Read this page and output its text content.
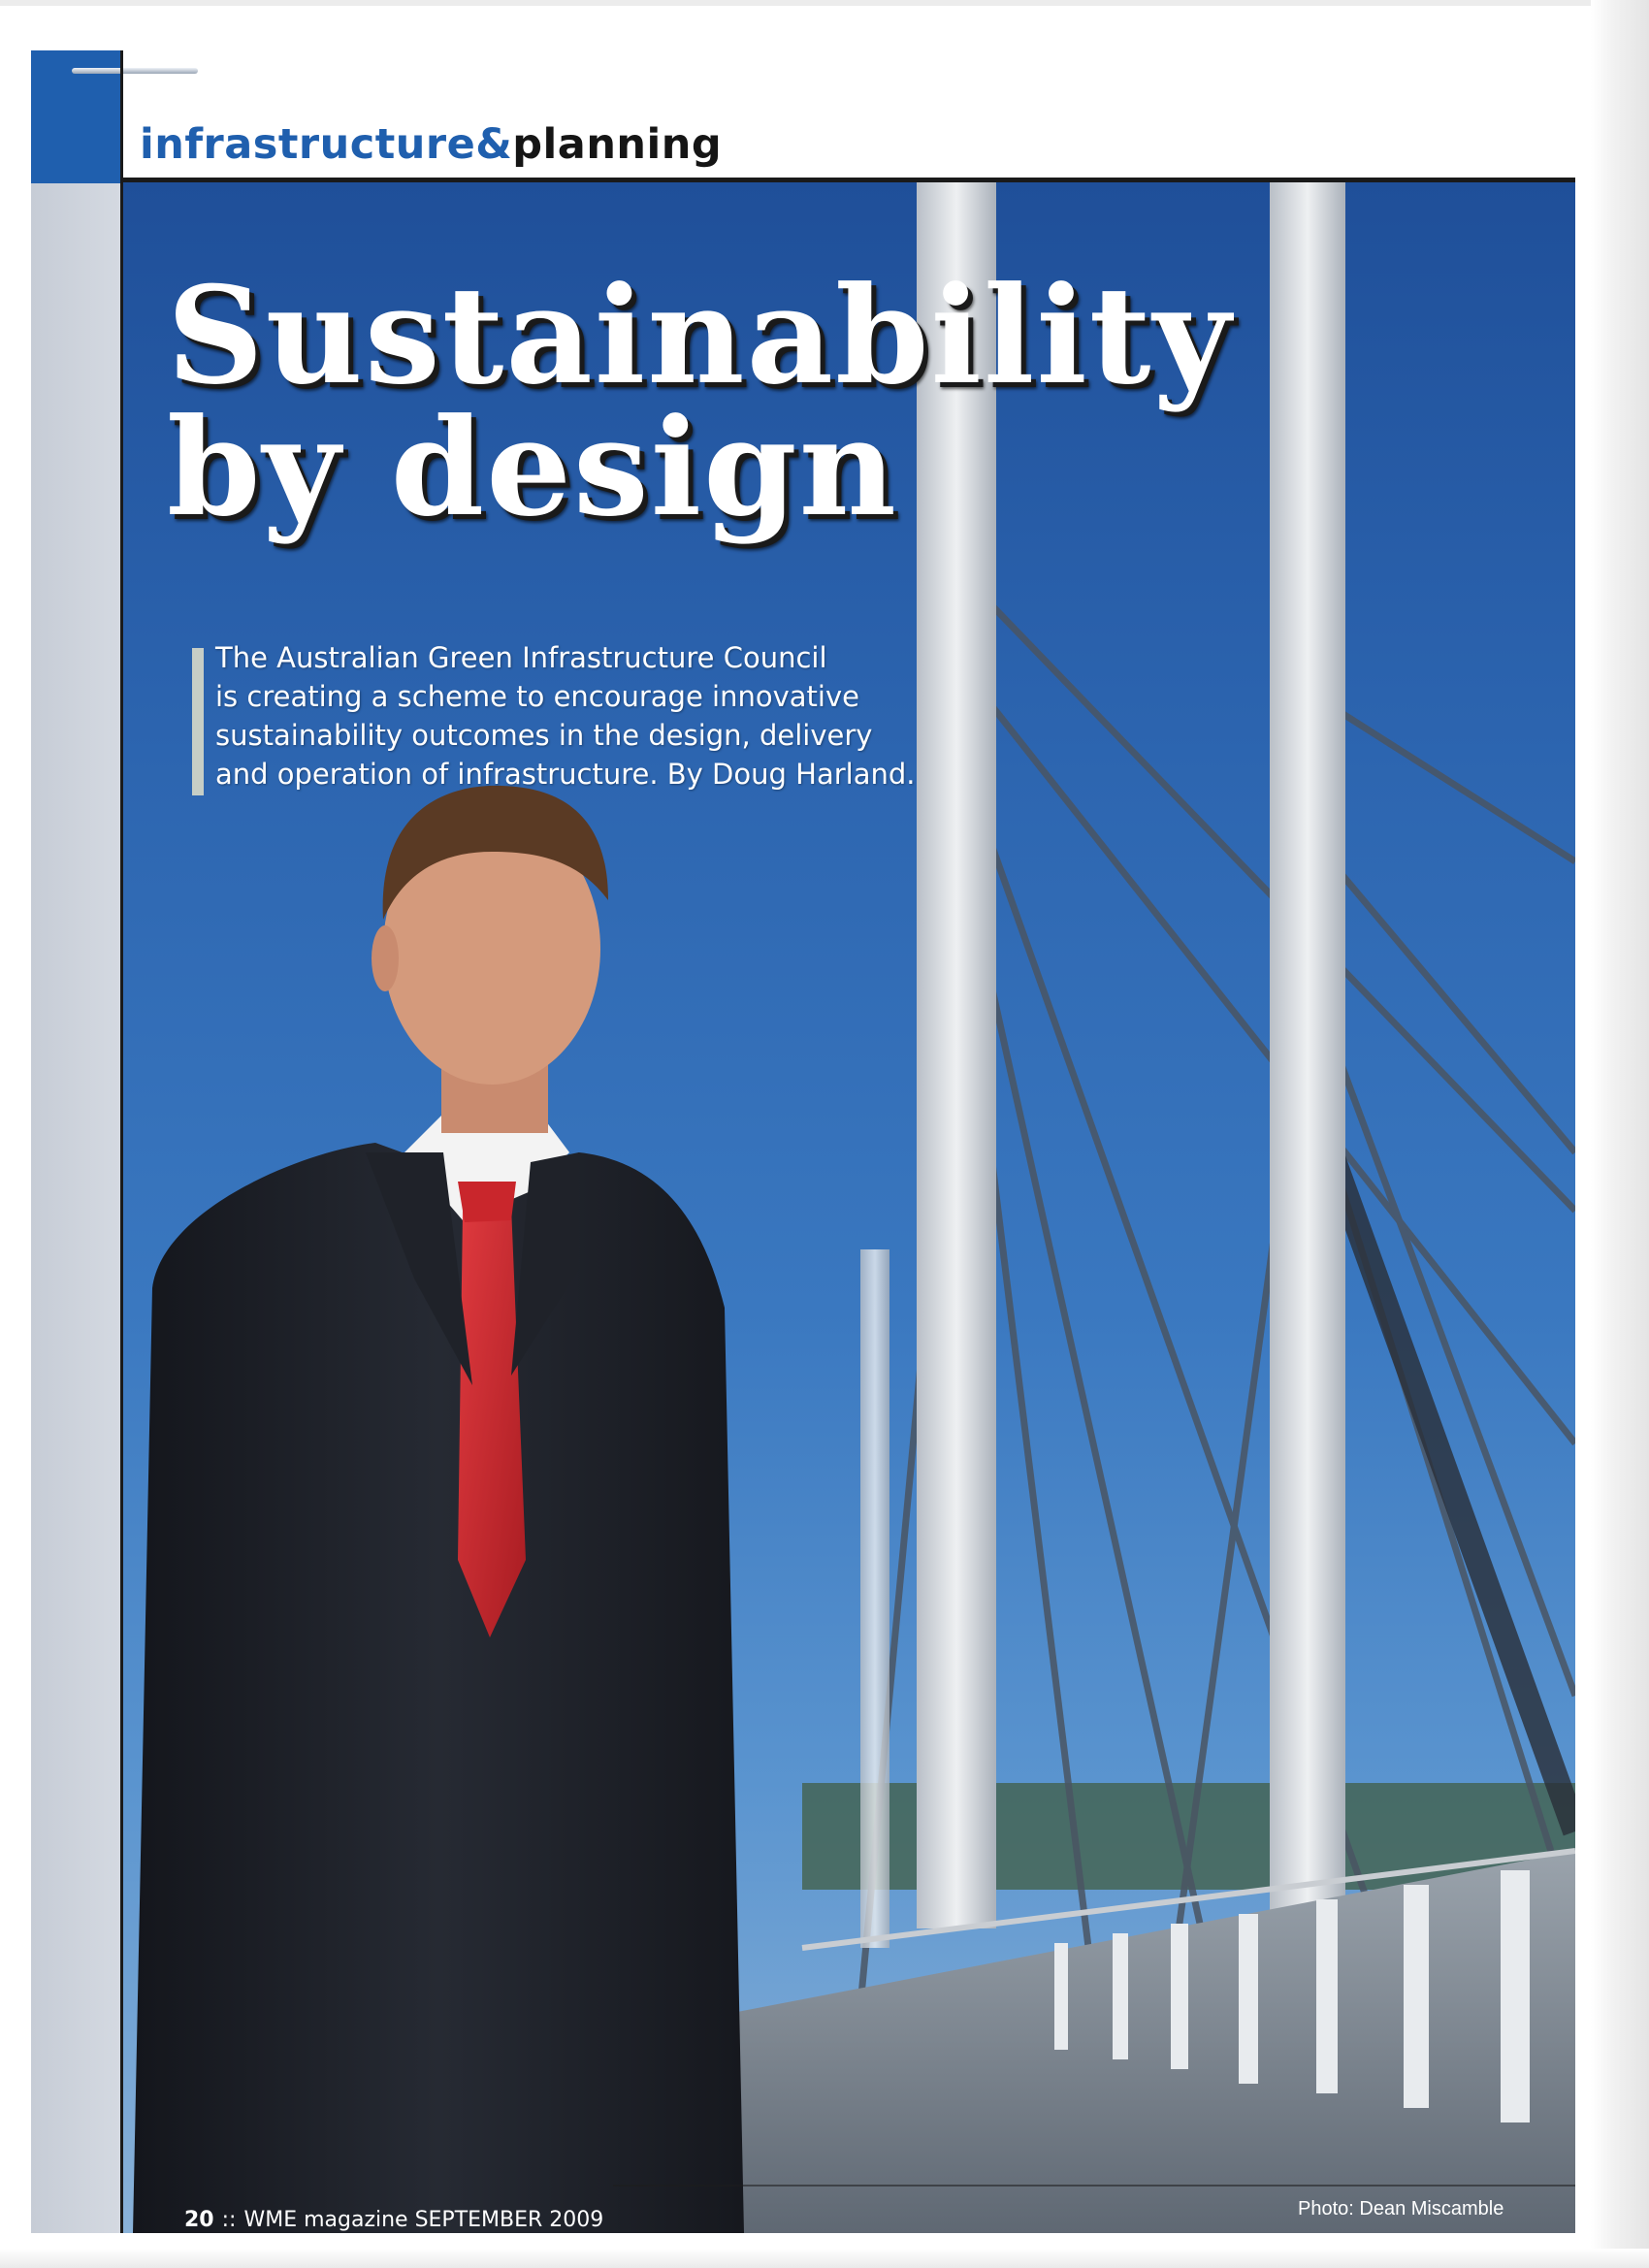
infrastructure&planning
Sustainability
by design

The Australian Green Infrastructure Council
is creating a scheme to encourage innovative
sustainability outcomes in the design, delivery
and operation of infrastructure. By Doug Harland.

20 :: WME magazine SEPTEMBER 2009	Photo: Dean Miscamble
